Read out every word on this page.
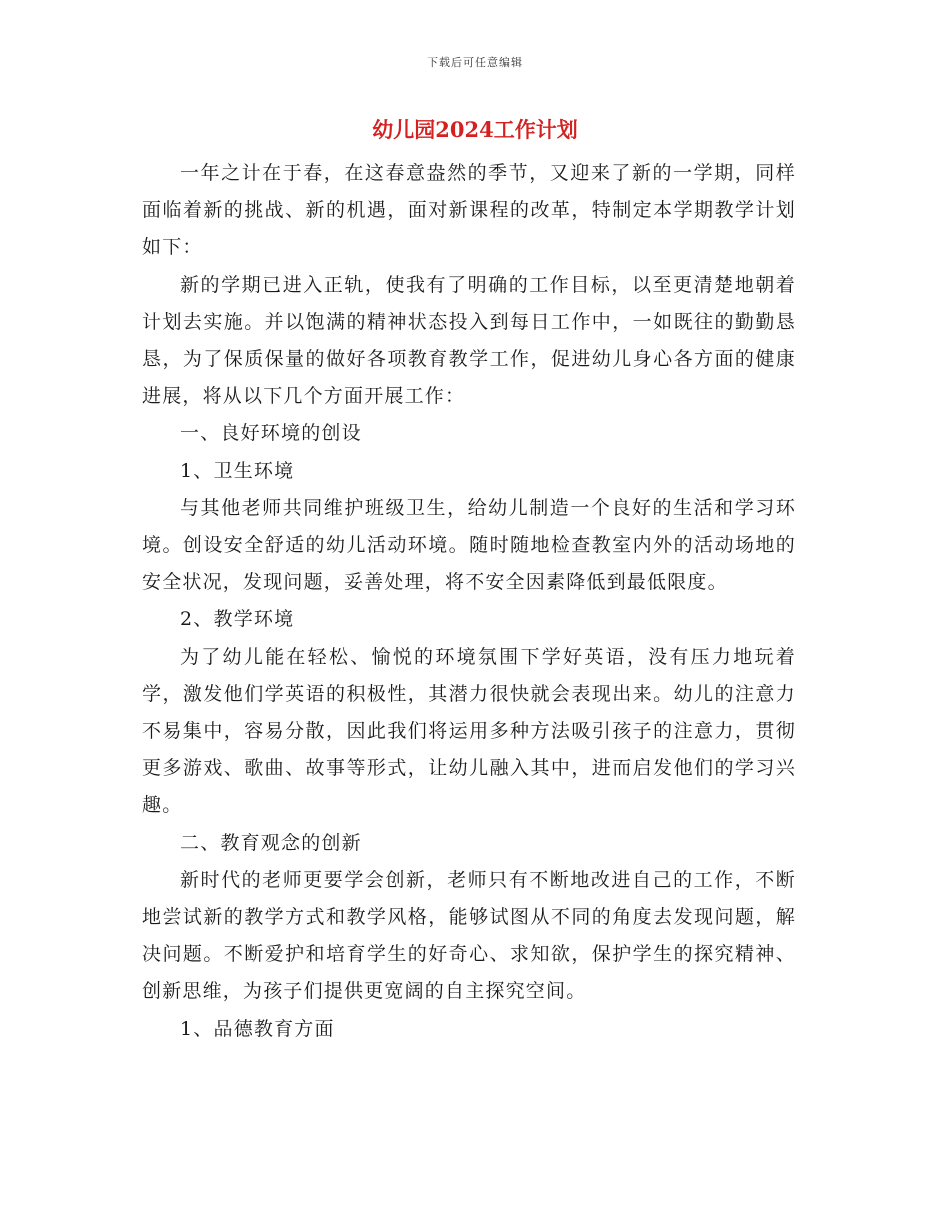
下载后可任意编辑
幼儿园2024工作计划

一年之计在于春，在这春意盎然的季节，又迎来了新的一学期，同样面临着新的挑战、新的机遇，面对新课程的改革，特制定本学期教学计划如下：

新的学期已进入正轨，使我有了明确的工作目标，以至更清楚地朝着计划去实施。并以饱满的精神状态投入到每日工作中，一如既往的勤勤恳恳，为了保质保量的做好各项教育教学工作，促进幼儿身心各方面的健康进展，将从以下几个方面开展工作：

一、良好环境的创设

1、卫生环境

与其他老师共同维护班级卫生，给幼儿制造一个良好的生活和学习环境。创设安全舒适的幼儿活动环境。随时随地检查教室内外的活动场地的安全状况，发现问题，妥善处理，将不安全因素降低到最低限度。

2、教学环境

为了幼儿能在轻松、愉悦的环境氛围下学好英语，没有压力地玩着学，激发他们学英语的积极性，其潜力很快就会表现出来。幼儿的注意力不易集中，容易分散，因此我们将运用多种方法吸引孩子的注意力，贯彻更多游戏、歌曲、故事等形式，让幼儿融入其中，进而启发他们的学习兴趣。

二、教育观念的创新

新时代的老师更要学会创新，老师只有不断地改进自己的工作，不断地尝试新的教学方式和教学风格，能够试图从不同的角度去发现问题，解决问题。不断爱护和培育学生的好奇心、求知欲，保护学生的探究精神、创新思维，为孩子们提供更宽阔的自主探究空间。

1、品德教育方面
